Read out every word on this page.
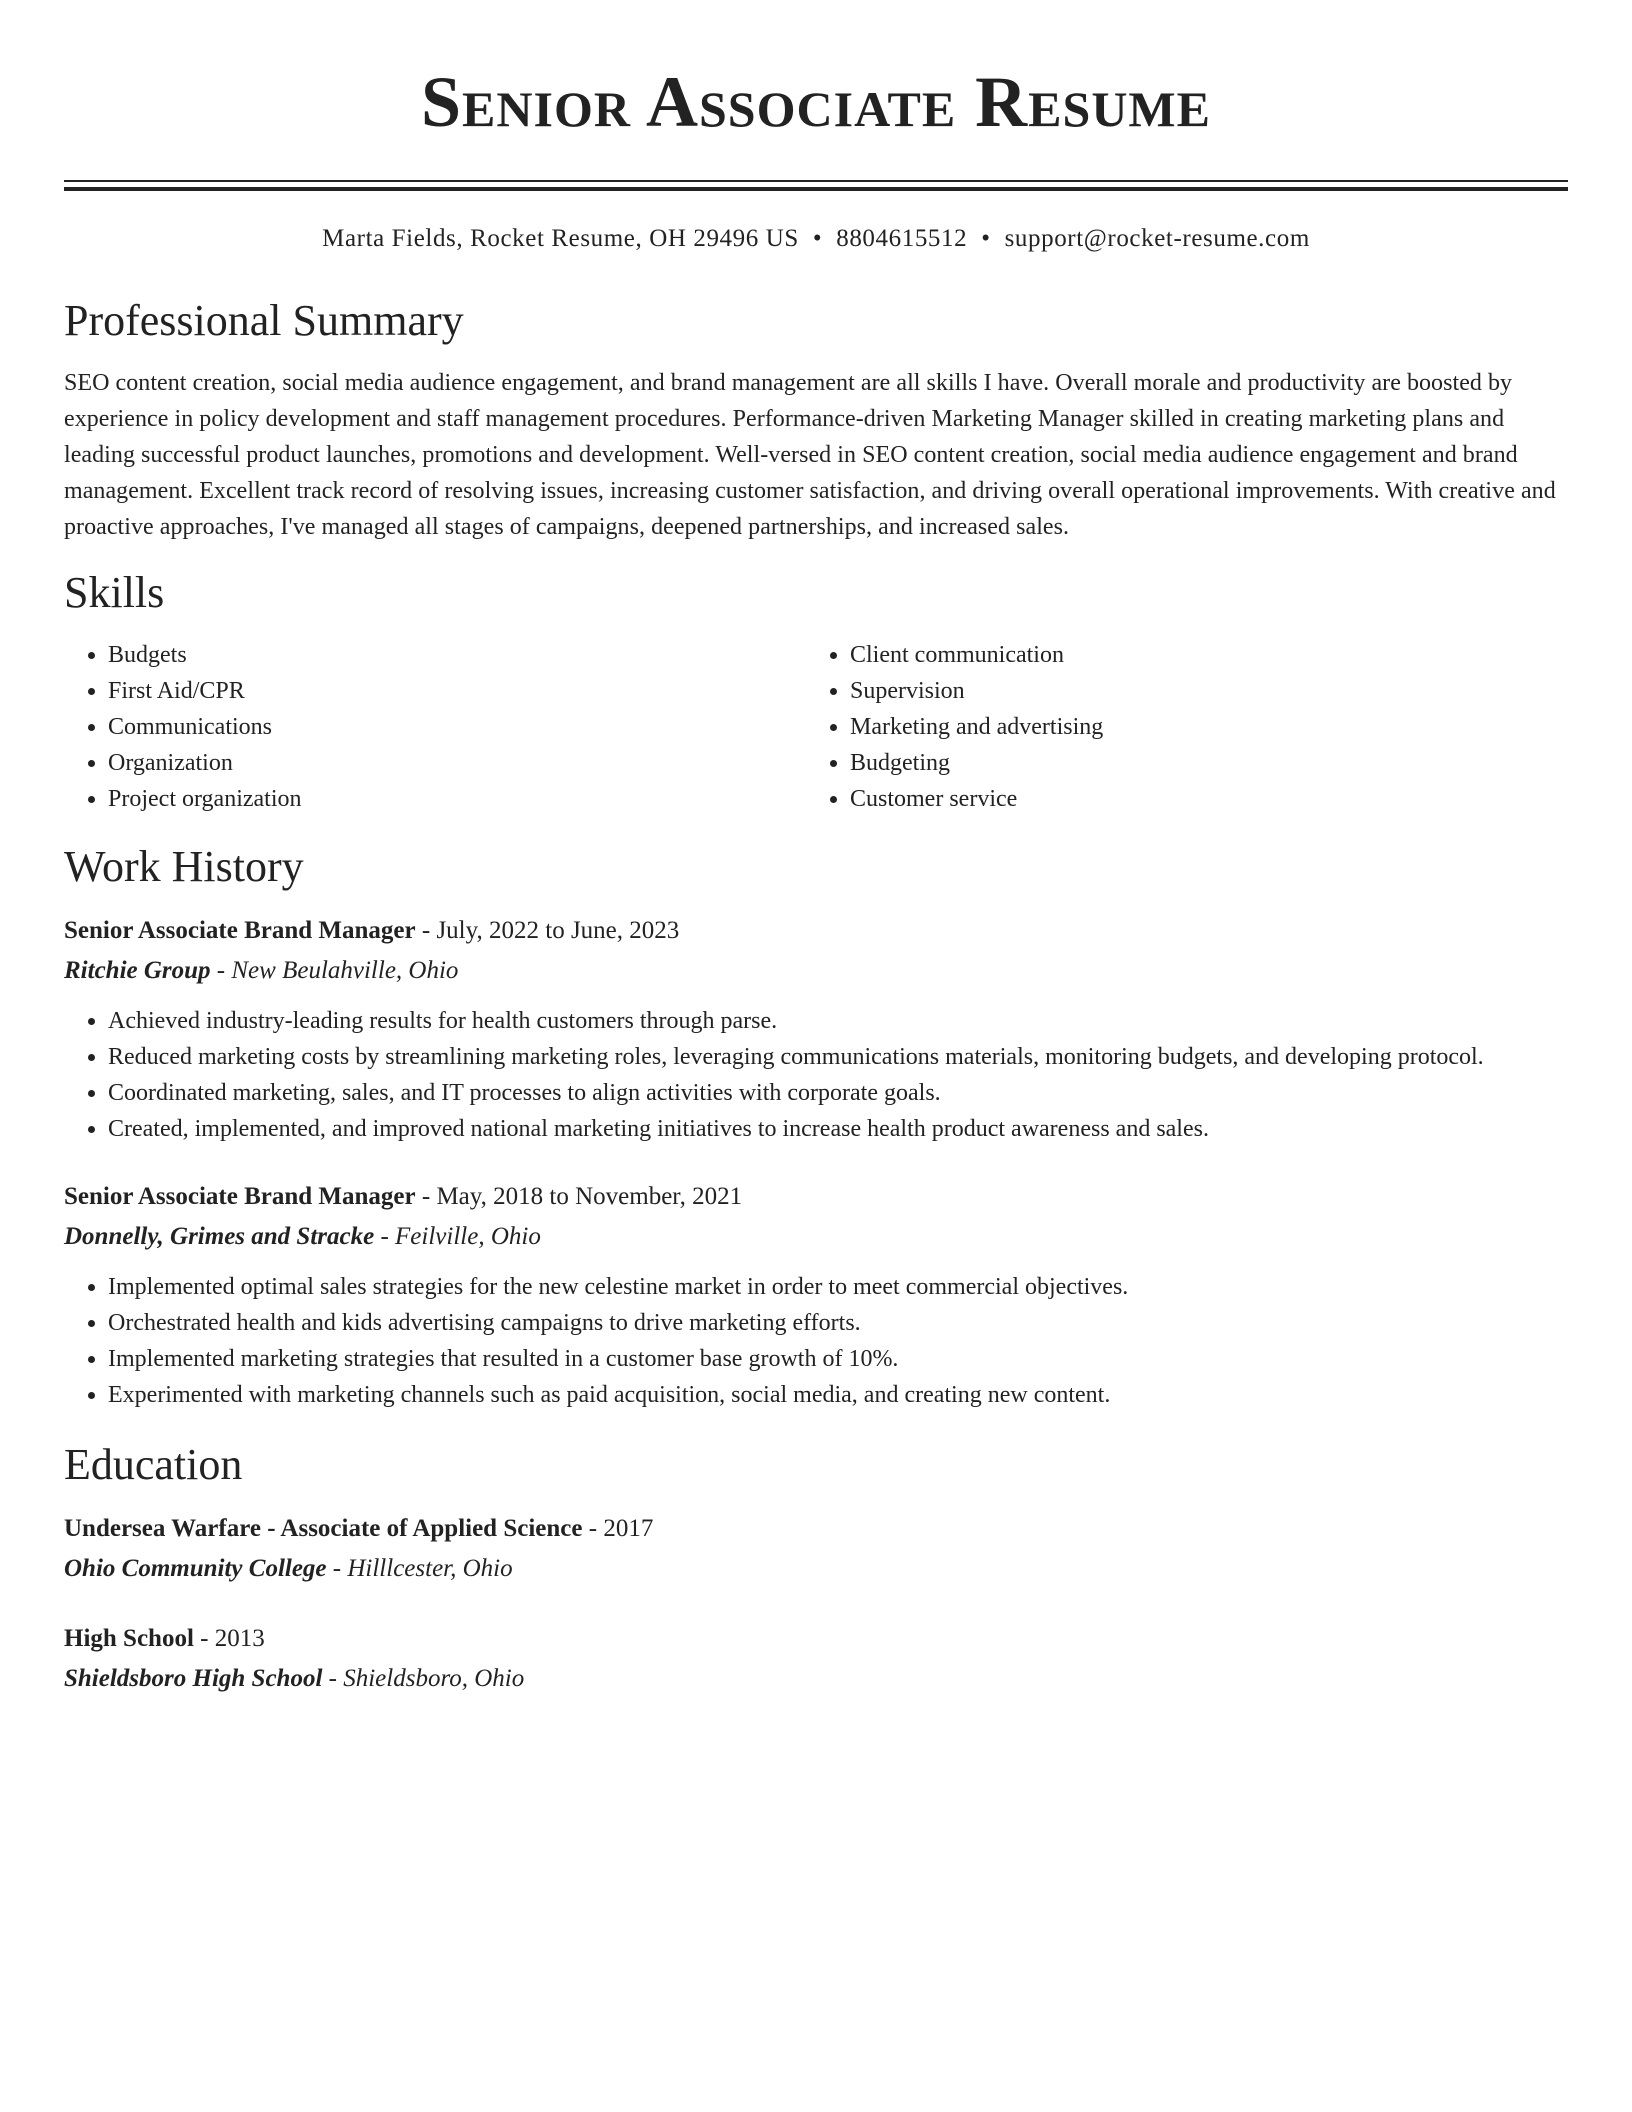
Senior Associate Resume
Marta Fields, Rocket Resume, OH 29496 US • 8804615512 • support@rocket-resume.com
Professional Summary
SEO content creation, social media audience engagement, and brand management are all skills I have. Overall morale and productivity are boosted by experience in policy development and staff management procedures. Performance-driven Marketing Manager skilled in creating marketing plans and leading successful product launches, promotions and development. Well-versed in SEO content creation, social media audience engagement and brand management. Excellent track record of resolving issues, increasing customer satisfaction, and driving overall operational improvements. With creative and proactive approaches, I've managed all stages of campaigns, deepened partnerships, and increased sales.
Skills
• Budgets
• First Aid/CPR
• Communications
• Organization
• Project organization
• Client communication
• Supervision
• Marketing and advertising
• Budgeting
• Customer service
Work History
Senior Associate Brand Manager - July, 2022 to June, 2023
Ritchie Group - New Beulahville, Ohio
• Achieved industry-leading results for health customers through parse.
• Reduced marketing costs by streamlining marketing roles, leveraging communications materials, monitoring budgets, and developing protocol.
• Coordinated marketing, sales, and IT processes to align activities with corporate goals.
• Created, implemented, and improved national marketing initiatives to increase health product awareness and sales.
Senior Associate Brand Manager - May, 2018 to November, 2021
Donnelly, Grimes and Stracke - Feilville, Ohio
• Implemented optimal sales strategies for the new celestine market in order to meet commercial objectives.
• Orchestrated health and kids advertising campaigns to drive marketing efforts.
• Implemented marketing strategies that resulted in a customer base growth of 10%.
• Experimented with marketing channels such as paid acquisition, social media, and creating new content.
Education
Undersea Warfare - Associate of Applied Science - 2017
Ohio Community College - Hilllcester, Ohio
High School - 2013
Shieldsboro High School - Shieldsboro, Ohio
